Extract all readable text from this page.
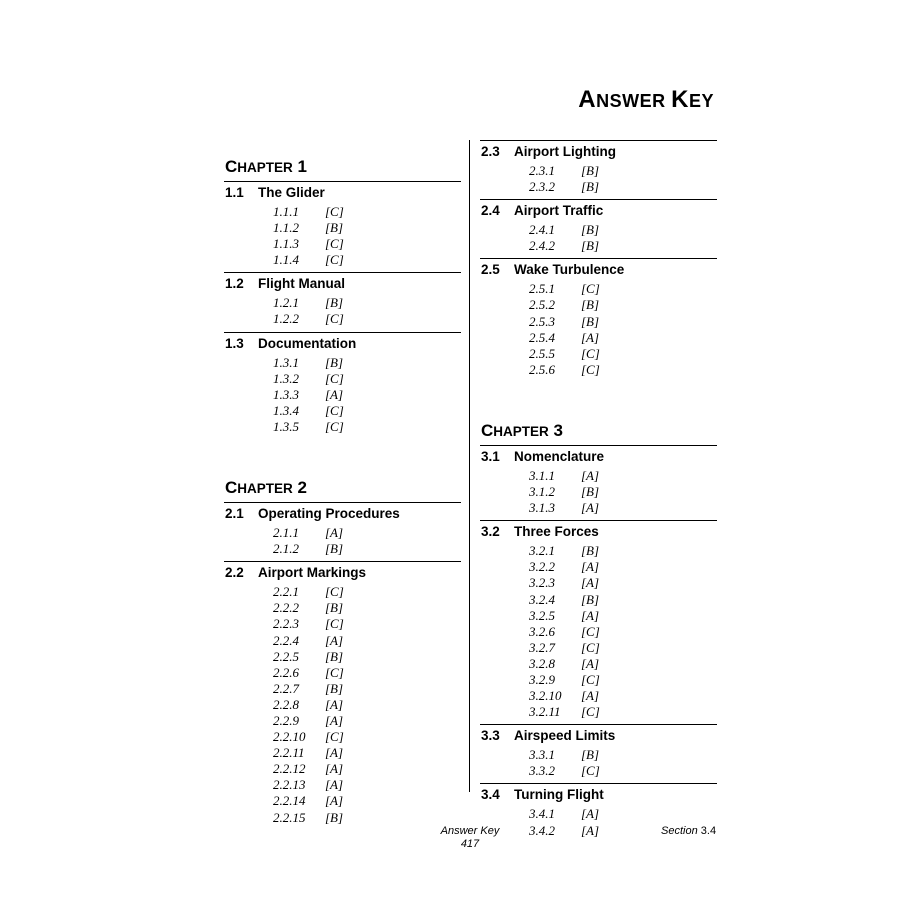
ANSWER KEY
CHAPTER 1
1.1 The Glider
1.1.1 [C]
1.1.2 [B]
1.1.3 [C]
1.1.4 [C]
1.2 Flight Manual
1.2.1 [B]
1.2.2 [C]
1.3 Documentation
1.3.1 [B]
1.3.2 [C]
1.3.3 [A]
1.3.4 [C]
1.3.5 [C]
CHAPTER 2
2.1 Operating Procedures
2.1.1 [A]
2.1.2 [B]
2.2 Airport Markings
2.2.1 [C]
2.2.2 [B]
2.2.3 [C]
2.2.4 [A]
2.2.5 [B]
2.2.6 [C]
2.2.7 [B]
2.2.8 [A]
2.2.9 [A]
2.2.10 [C]
2.2.11 [A]
2.2.12 [A]
2.2.13 [A]
2.2.14 [A]
2.2.15 [B]
2.3 Airport Lighting
2.3.1 [B]
2.3.2 [B]
2.4 Airport Traffic
2.4.1 [B]
2.4.2 [B]
2.5 Wake Turbulence
2.5.1 [C]
2.5.2 [B]
2.5.3 [B]
2.5.4 [A]
2.5.5 [C]
2.5.6 [C]
CHAPTER 3
3.1 Nomenclature
3.1.1 [A]
3.1.2 [B]
3.1.3 [A]
3.2 Three Forces
3.2.1 [B]
3.2.2 [A]
3.2.3 [A]
3.2.4 [B]
3.2.5 [A]
3.2.6 [C]
3.2.7 [C]
3.2.8 [A]
3.2.9 [C]
3.2.10 [A]
3.2.11 [C]
3.3 Airspeed Limits
3.3.1 [B]
3.3.2 [C]
3.4 Turning Flight
3.4.1 [A]
3.4.2 [A]
Answer Key
417
Section 3.4
